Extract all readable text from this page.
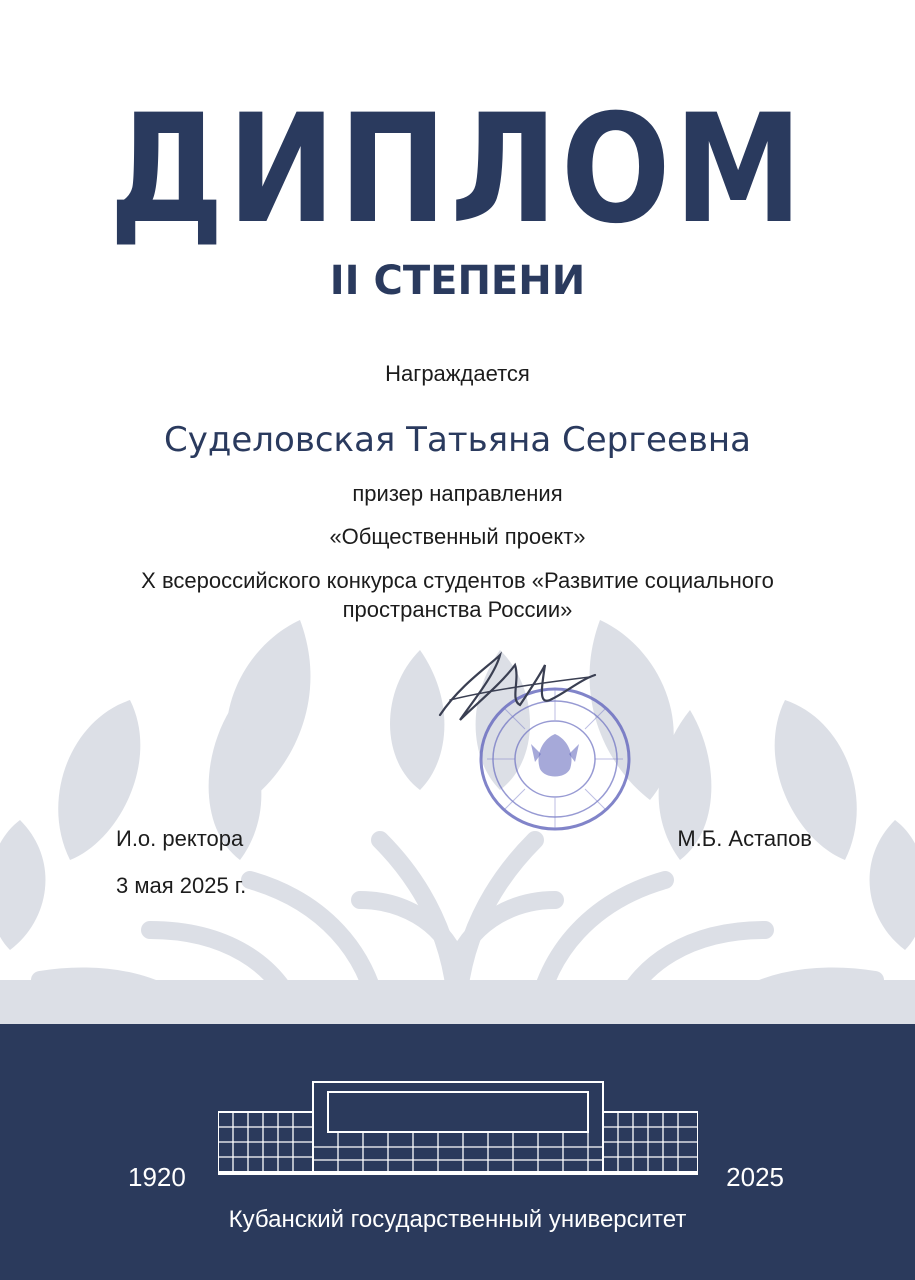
ДИПЛОМ
II СТЕПЕНИ
Награждается
Суделовская Татьяна Сергеевна
призер направления
«Общественный проект»
X всероссийского конкурса студентов «Развитие социального
пространства России»
И.о. ректора
3 мая 2025 г.
М.Б. Астапов
1920	2025
Кубанский государственный университет
